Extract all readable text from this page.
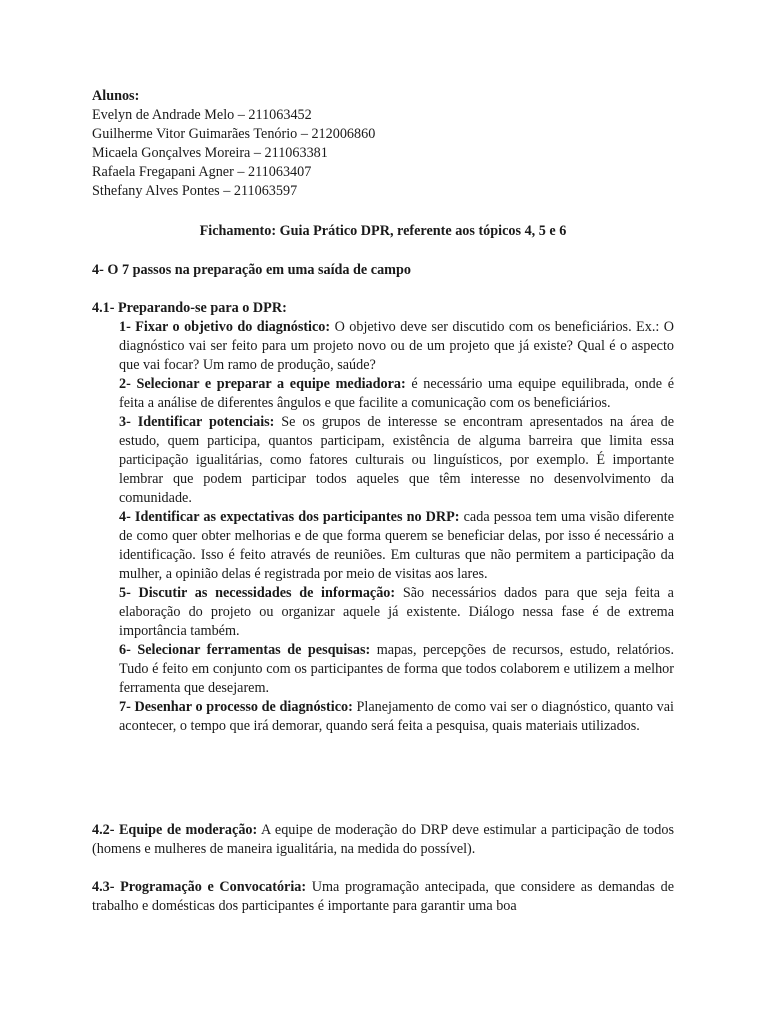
Alunos:

Evelyn de Andrade Melo – 211063452

Guilherme Vitor Guimarães Tenório – 212006860

Micaela Gonçalves Moreira – 211063381

Rafaela Fregapani Agner – 211063407

Sthefany Alves Pontes – 211063597

Fichamento: Guia Prático DPR, referente aos tópicos 4, 5 e 6
4- O 7 passos na preparação em uma saída de campo
4.1- Preparando-se para o DPR:

1- Fixar o objetivo do diagnóstico: O objetivo deve ser discutido com os beneficiários. Ex.: O diagnóstico vai ser feito para um projeto novo ou de um projeto que já existe? Qual é o aspecto que vai focar? Um ramo de produção, saúde?

2- Selecionar e preparar a equipe mediadora: é necessário uma equipe equilibrada, onde é feita a análise de diferentes ângulos e que facilite a comunicação com os beneficiários.

3- Identificar potenciais: Se os grupos de interesse se encontram apresentados na área de estudo, quem participa, quantos participam, existência de alguma barreira que limita essa participação igualitárias, como fatores culturais ou linguísticos, por exemplo. É importante lembrar que podem participar todos aqueles que têm interesse no desenvolvimento da comunidade.

4- Identificar as expectativas dos participantes no DRP: cada pessoa tem uma visão diferente de como quer obter melhorias e de que forma querem se beneficiar delas, por isso é necessário a identificação. Isso é feito através de reuniões. Em culturas que não permitem a participação da mulher, a opinião delas é registrada por meio de visitas aos lares.

5- Discutir as necessidades de informação: São necessários dados para que seja feita a elaboração do projeto ou organizar aquele já existente. Diálogo nessa fase é de extrema importância também.

6- Selecionar ferramentas de pesquisas: mapas, percepções de recursos, estudo, relatórios. Tudo é feito em conjunto com os participantes de forma que todos colaborem e utilizem a melhor ferramenta que desejarem.

7- Desenhar o processo de diagnóstico: Planejamento de como vai ser o diagnóstico, quanto vai acontecer, o tempo que irá demorar, quando será feita a pesquisa, quais materiais utilizados.

4.2- Equipe de moderação: A equipe de moderação do DRP deve estimular a participação de todos (homens e mulheres de maneira igualitária, na medida do possível).

4.3- Programação e Convocatória: Uma programação antecipada, que considere as demandas de trabalho e domésticas dos participantes é importante para garantir uma boa
